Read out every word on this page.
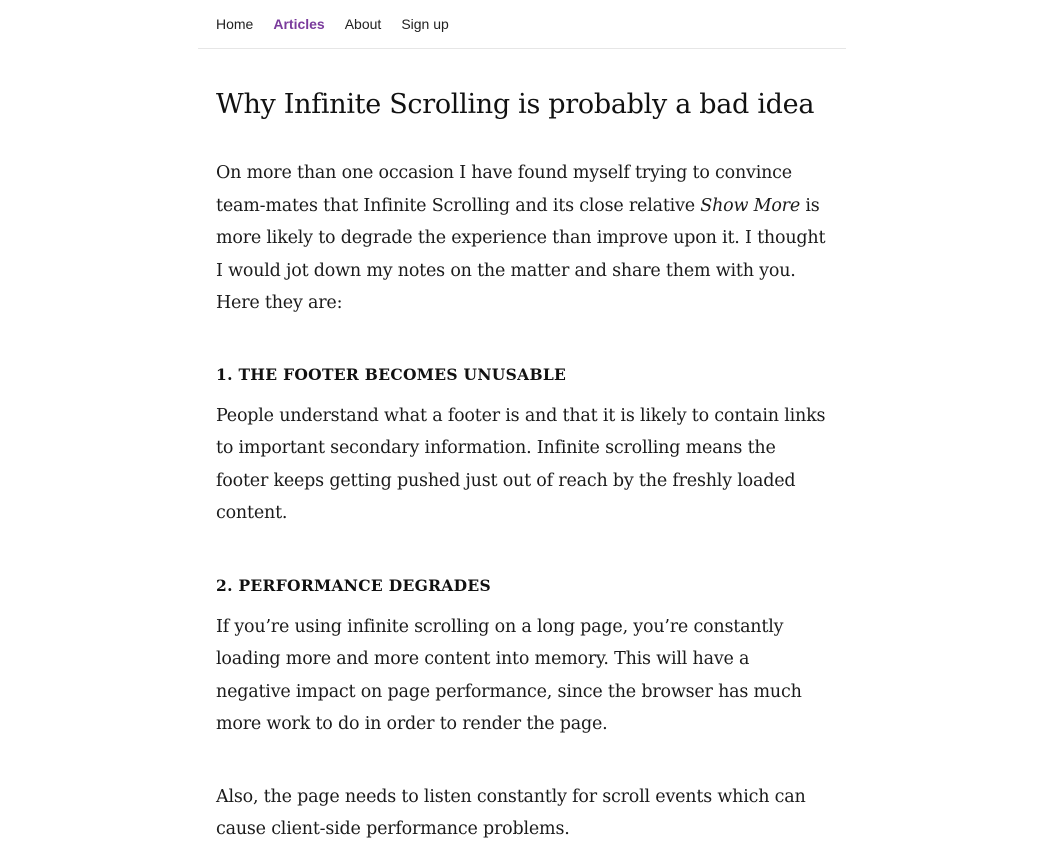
Home Articles About Sign up
Why Infinite Scrolling is probably a bad idea

On more than one occasion I have found myself trying to convince team-mates that Infinite Scrolling and its close relative Show More is more likely to degrade the experience than improve upon it. I thought I would jot down my notes on the matter and share them with you. Here they are:

1. THE FOOTER BECOMES UNUSABLE

People understand what a footer is and that it is likely to contain links to important secondary information. Infinite scrolling means the footer keeps getting pushed just out of reach by the freshly loaded content.

2. PERFORMANCE DEGRADES

If you’re using infinite scrolling on a long page, you’re constantly loading more and more content into memory. This will have a negative impact on page performance, since the browser has much more work to do in order to render the page.

Also, the page needs to listen constantly for scroll events which can cause client-side performance problems.
